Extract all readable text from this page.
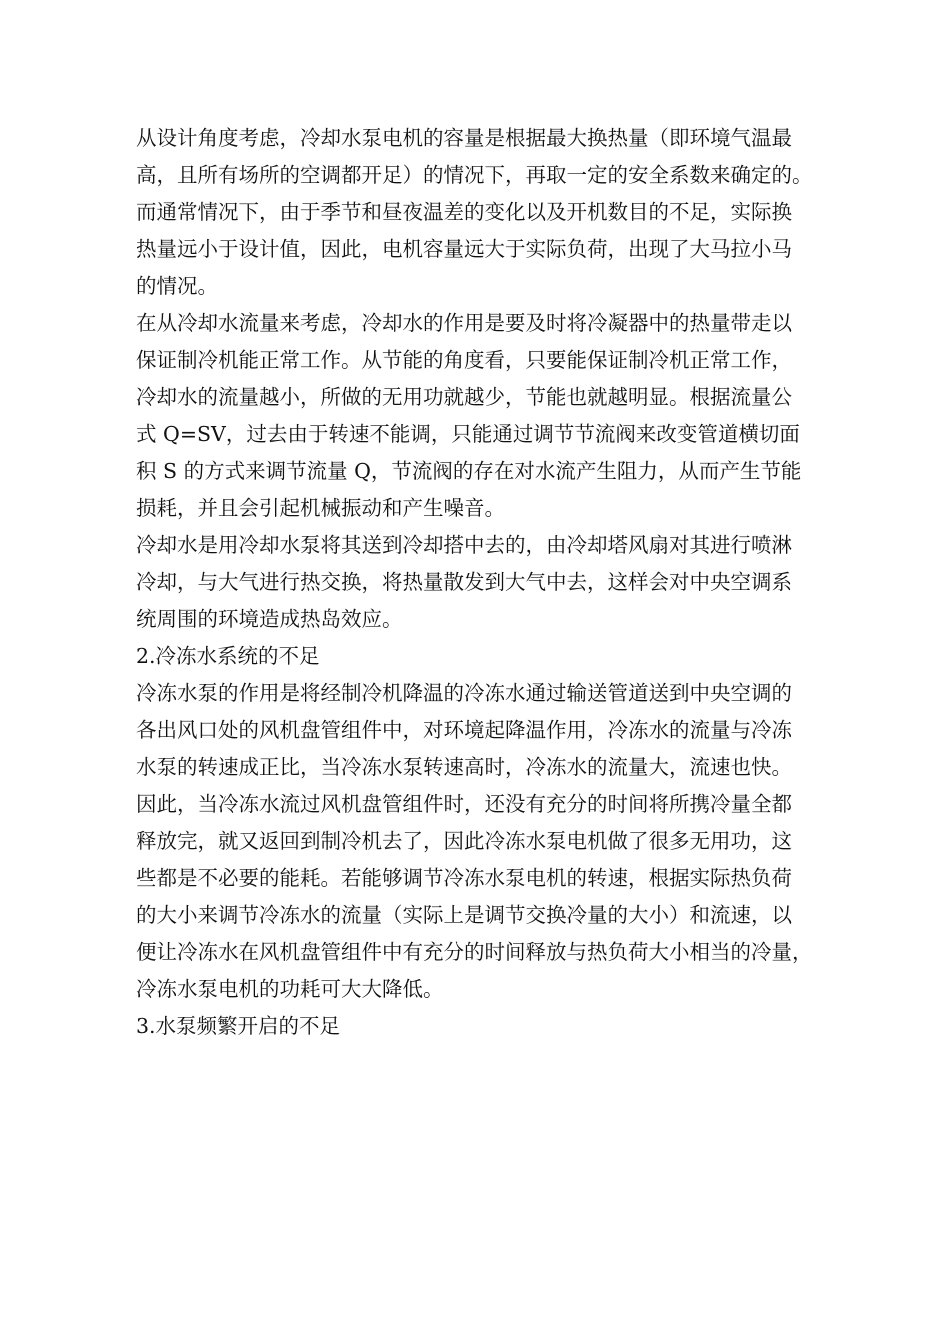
从设计角度考虑，冷却水泵电机的容量是根据最大换热量（即环境气温最
高，且所有场所的空调都开足）的情况下，再取一定的安全系数来确定的。
而通常情况下，由于季节和昼夜温差的变化以及开机数目的不足，实际换
热量远小于设计值，因此，电机容量远大于实际负荷，出现了大马拉小马
的情况。
在从冷却水流量来考虑，冷却水的作用是要及时将冷凝器中的热量带走以
保证制冷机能正常工作。从节能的角度看，只要能保证制冷机正常工作，
冷却水的流量越小，所做的无用功就越少，节能也就越明显。根据流量公
式 Q=SV，过去由于转速不能调，只能通过调节节流阀来改变管道横切面
积 S 的方式来调节流量 Q，节流阀的存在对水流产生阻力，从而产生节能
损耗，并且会引起机械振动和产生噪音。
冷却水是用冷却水泵将其送到冷却搭中去的，由冷却塔风扇对其进行喷淋
冷却，与大气进行热交换，将热量散发到大气中去，这样会对中央空调系
统周围的环境造成热岛效应。
2.冷冻水系统的不足
冷冻水泵的作用是将经制冷机降温的冷冻水通过输送管道送到中央空调的
各出风口处的风机盘管组件中，对环境起降温作用，冷冻水的流量与冷冻
水泵的转速成正比，当冷冻水泵转速高时，冷冻水的流量大，流速也快。
因此，当冷冻水流过风机盘管组件时，还没有充分的时间将所携冷量全都
释放完，就又返回到制冷机去了，因此冷冻水泵电机做了很多无用功，这
些都是不必要的能耗。若能够调节冷冻水泵电机的转速，根据实际热负荷
的大小来调节冷冻水的流量（实际上是调节交换冷量的大小）和流速，以
便让冷冻水在风机盘管组件中有充分的时间释放与热负荷大小相当的冷量，
冷冻水泵电机的功耗可大大降低。
3.水泵频繁开启的不足
